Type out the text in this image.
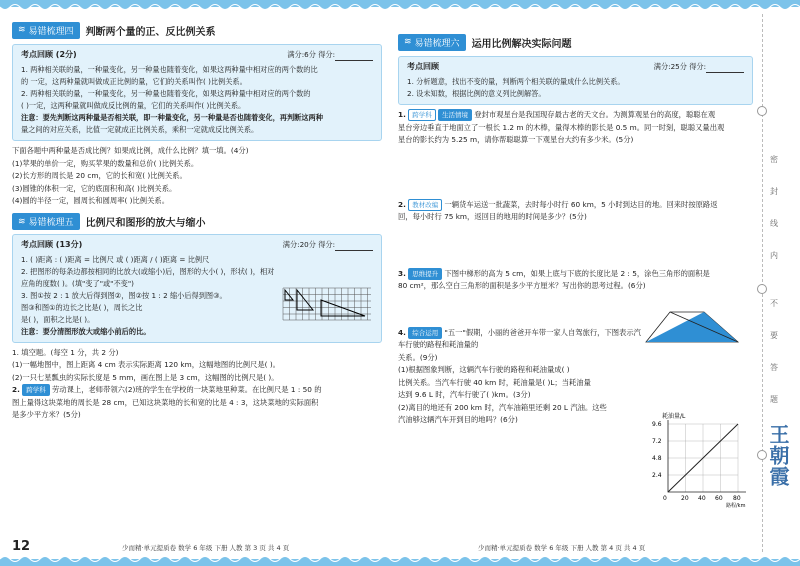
≋ 易错梳理四 判断两个量的正、反比例关系
考点回顾 (2分)	满分:6分 得分:
1. 两种相关联的量，一种量变化，另一种量也随着变化，如果这两种量中相对应的两个数的比
的 一定，这两种量就叫做成正比例的量，它们的关系叫作( )比例关系。
2. 两种相关联的量，一种量变化，另一种量也随着变化，如果这两种量中相对应的两个数的
( )一定，这两种量就叫做成反比例的量，它们的关系叫作( )比例关系。
注意：要先判断这两种量是否相关联，即一种量变化，另一种量是否也随着变化，再判断这两种
量之间的对应关系，比值一定就成正比例关系，乘积一定就成反比例关系。
下面各题中两种量是否成比例？如果成比例，成什么比例？填一填。(4分)
(1)苹果的单价一定，购买苹果的数量和总价( )比例关系。
(2)长方形的周长是 20 cm，它的长和宽( )比例关系。
(3)圆锥的体积一定，它的底面积和高( )比例关系。
(4)圆的半径一定，圆周长和圆周率( )比例关系。
≋ 易错梳理五 比例尺和图形的放大与缩小
考点回顾 (13分)	满分:20分 得分:
1. ( )距离 : ( )距离 = 比例尺 或 ( )距离 / ( )距离 = 比例尺
2. 把图形的每条边都按相同的比放大(或缩小)后，图形的大小( )，形状( )，相对
应角的度数( )。(填"变了"或"不变")
3. 图①按 2 : 1 放大后得到图②，图②按 1 : 2 缩小后得到图③。
图③和图①的边长之比是( )，周长之比
是( )，面积之比是( )。
注意：要分清图形放大或缩小前后的比。
1. 填空题。(每空 1 分，共 2 分)
(1)一幅地图中，图上距离 4 cm 表示实际距离 120 km，这幅地图的比例尺是( )。
(2)一只七星瓢虫的实际长度是 5 mm，画在图上是 3 cm，这幅图的比例尺是( )。
2. 跨学科 劳动课上，老师带领六(2)班的学生在学校的一块菜地里种菜。在比例尺是 1 : 50 的
图上量得这块菜地的周长是 28 cm，已知这块菜地的长和宽的比是 4 : 3，这块菜地的实际面积
是多少平方米？(5分)
12	少而精·单元提质卷 数学 6 年级 下册 人教 第 3 页 共 4 页
≋ 易错梳理六 运用比例解决实际问题
考点回顾	满分:25分 得分:
1. 分析题意，找出不变的量，判断两个相关联的量成什么比例关系。
2. 设未知数，根据比例的意义列比例解答。
1. 跨学科 生活情境 登封市观星台是我国现存最古老的天文台。为测算观星台的高度，聪聪在观
星台旁边垂直于地面立了一根长 1.2 m 的木棒，量得木棒的影长是 0.5 m。同一时刻，聪聪又量出观
星台的影长约为 5.25 m，请你帮聪聪算一下观星台大约有多少米。(5分)
2. 教材改编 一辆货车运送一批蔬菜，去时每小时行 60 km，5 小时到达目的地。回来时按原路返
回，每小时行 75 km，返回目的地用的时间是多少？(5分)
3. 思维提升 下图中梯形的高为 5 cm，如果上底与下底的长度比是 2 : 5，涂色三角形的面积是
80 cm²，那么空白三角形的面积是多少平方厘米？写出你的思考过程。(6分)
4. 综合运用 "五一"假期，小丽的爸爸开车带一家人自驾旅行，下图表示汽车行驶的路程和耗油量的
关系。(9分)
(1)根据图象判断，这辆汽车行驶的路程和耗油量成( )
比例关系。当汽车行驶 40 km 时，耗油量是( )L；当耗油量
达到 9.6 L 时，汽车行驶了( )km。(3分)
(2)离目的地还有 200 km 时，汽车油箱里还剩 20 L 汽油。这些
汽油够这辆汽车开到目的地吗？(6分)	耗油量/L
9.6
7.2
4.8
2.4
0 20 40 60 80
路程/km
少而精·单元提质卷 数学 6 年级 下册 人教 第 4 页 共 4 页
密
封
线
内
不
要
答
题
王朝霞
